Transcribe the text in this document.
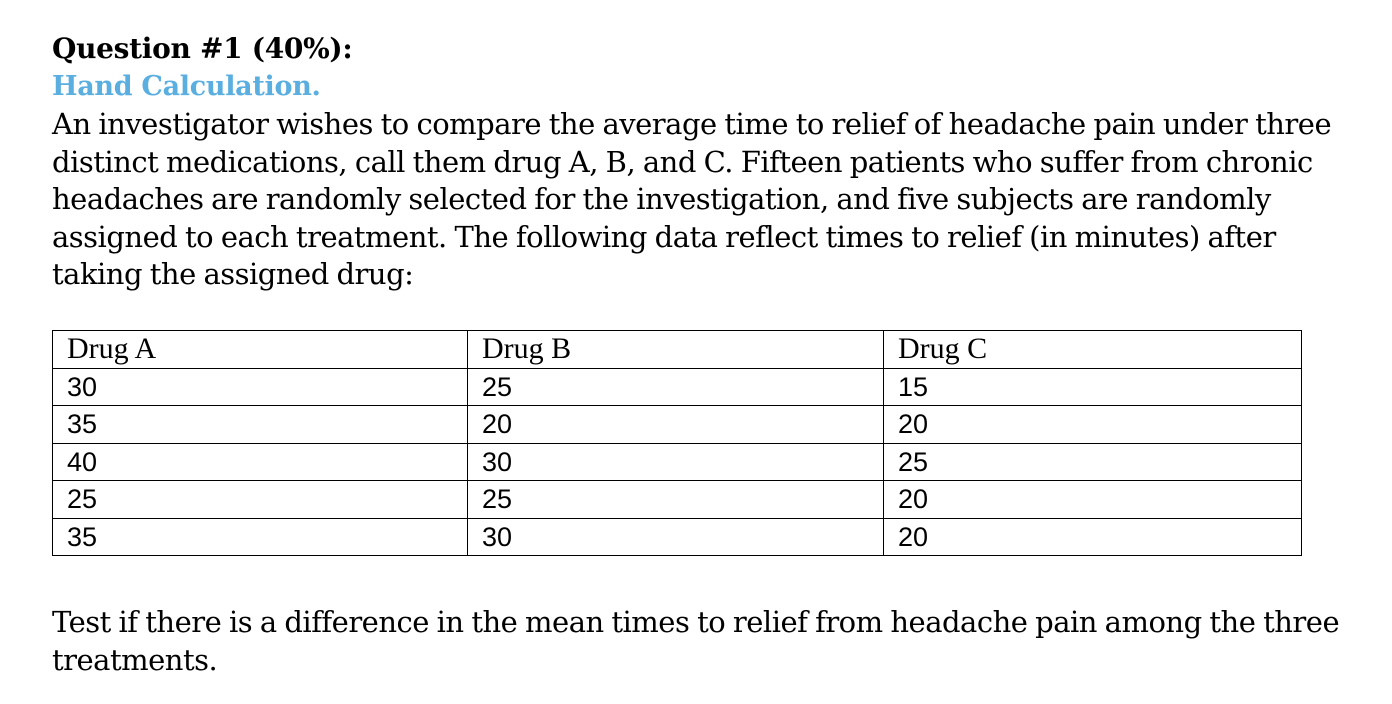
Question #1 (40%):

Hand Calculation.

An investigator wishes to compare the average time to relief of headache pain under three distinct medications, call them drug A, B, and C. Fifteen patients who suffer from chronic headaches are randomly selected for the investigation, and five subjects are randomly assigned to each treatment. The following data reflect times to relief (in minutes) after taking the assigned drug:

Drug A	Drug B	Drug C
30	25	15
35	20	20
40	30	25
25	25	20
35	30	20

Test if there is a difference in the mean times to relief from headache pain among the three treatments.
